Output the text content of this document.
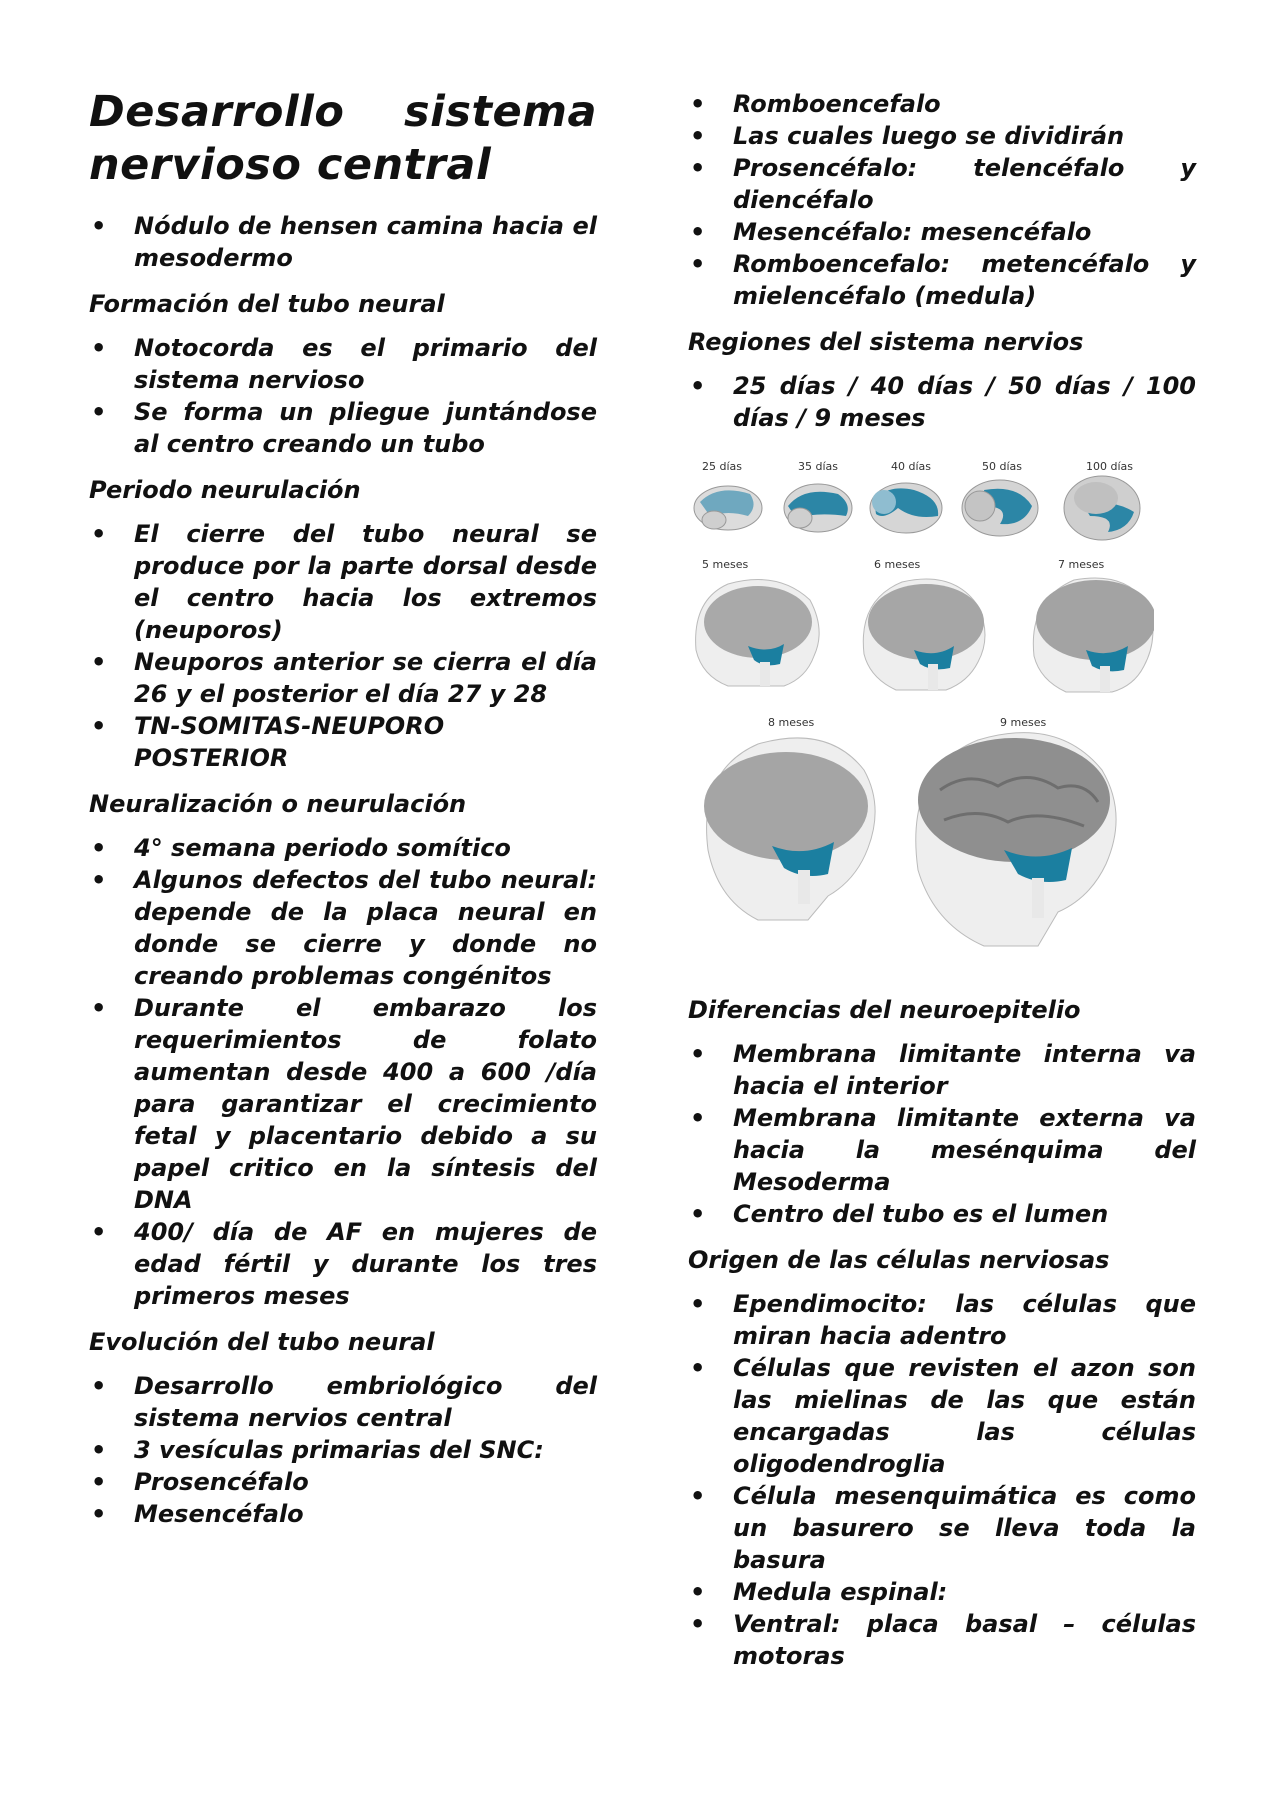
Desarrollo sistema
nervioso central
• Nódulo de hensen camina hacia el mesodermo
Formación del tubo neural
• Notocorda es el primario del sistema nervioso
• Se forma un pliegue juntándose al centro creando un tubo
Periodo neurulación
• El cierre del tubo neural se produce por la parte dorsal desde el centro hacia los extremos (neuporos)
• Neuporos anterior se cierra el día 26 y el posterior el día 27 y 28
• TN-SOMITAS-NEUPORO POSTERIOR
Neuralización o neurulación
• 4° semana periodo somítico
• Algunos defectos del tubo neural: depende de la placa neural en donde se cierre y donde no creando problemas congénitos
• Durante el embarazo los requerimientos de folato aumentan desde 400 a 600 /día para garantizar el crecimiento fetal y placentario debido a su papel critico en la síntesis del DNA
• 400/ día de AF en mujeres de edad fértil y durante los tres primeros meses
Evolución del tubo neural
• Desarrollo embriológico del sistema nervios central
• 3 vesículas primarias del SNC:
• Prosencéfalo
• Mesencéfalo
• Romboencefalo
• Las cuales luego se dividirán
• Prosencéfalo: telencéfalo y diencéfalo
• Mesencéfalo: mesencéfalo
• Romboencefalo: metencéfalo y mielencéfalo (medula)
Regiones del sistema nervios
• 25 días / 40 días / 50 días / 100 días / 9 meses
25 días	35 días	40 días	50 días	100 días
5 meses	6 meses	7 meses
8 meses	9 meses
Diferencias del neuroepitelio
• Membrana limitante interna va hacia el interior
• Membrana limitante externa va hacia la mesénquima del Mesoderma
• Centro del tubo es el lumen
Origen de las células nerviosas
• Ependimocito: las células que miran hacia adentro
• Células que revisten el azon son las mielinas de las que están encargadas las células oligodendroglia
• Célula mesenquimática es como un basurero se lleva toda la basura
• Medula espinal:
• Ventral: placa basal – células motoras
